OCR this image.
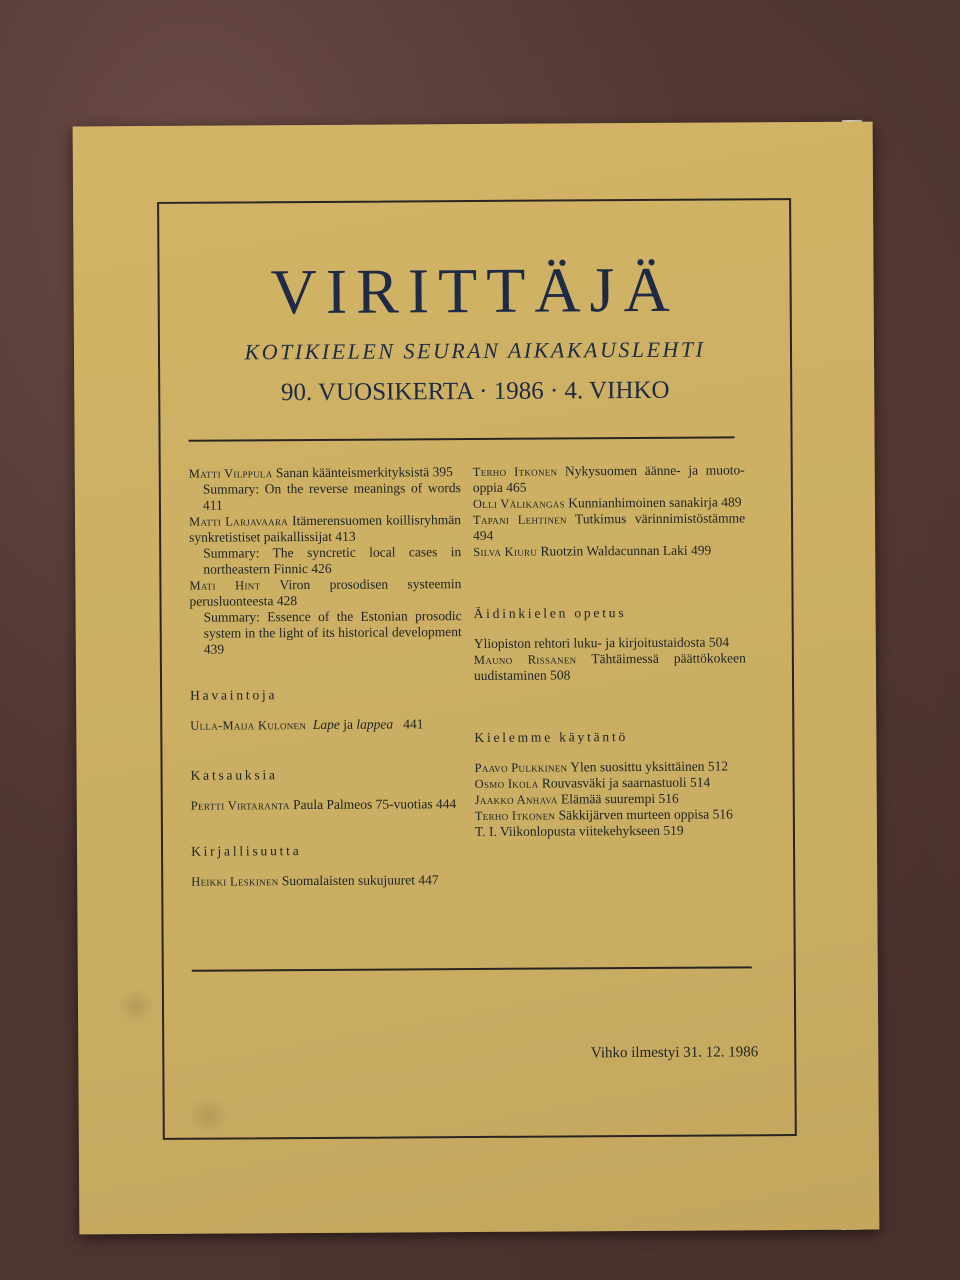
VIRITTÄJÄ
KOTIKIELEN SEURAN AIKAKAUSLEHTI
90. VUOSIKERTA · 1986 · 4. VIHKO

Matti Vilppula Sanan käänteismerkityksistä 395

Summary: On the reverse meanings of words 411

Matti Larjavaara Itämerensuomen koillisryhmän synkretistiset paikallissijat 413

Summary: The syncretic local cases in northeastern Finnic 426

Mati Hint Viron prosodisen systeemin perusluonteesta 428

Summary: Essence of the Estonian prosodic system in the light of its historical development 439

Havaintoja

Ulla-Maija Kulonen Lape ja lappea 441

Katsauksia

Pertti Virtaranta Paula Palmeos 75-vuotias 444

Kirjallisuutta

Heikki Leskinen Suomalaisten sukujuuret 447

Terho Itkonen Nykysuomen äänne- ja muoto-oppia 465

Olli Välikangas Kunnianhimoinen sanakirja 489

Tapani Lehtinen Tutkimus värinnimistöstämme 494

Silva Kiuru Ruotzin Waldacunnan Laki 499

Äidinkielen opetus

Yliopiston rehtori luku- ja kirjoitustaidosta 504

Mauno Rissanen Tähtäimessä päättökokeen uudistaminen 508

Kielemme käytäntö

Paavo Pulkkinen Ylen suosittu yksittäinen 512

Osmo Ikola Rouvasväki ja saarnastuoli 514

Jaakko Anhava Elämää suurempi 516

Terho Itkonen Säkkijärven murteen oppisa 516

T. I. Viikonlopusta viitekehykseen 519

Vihko ilmestyi 31. 12. 1986
